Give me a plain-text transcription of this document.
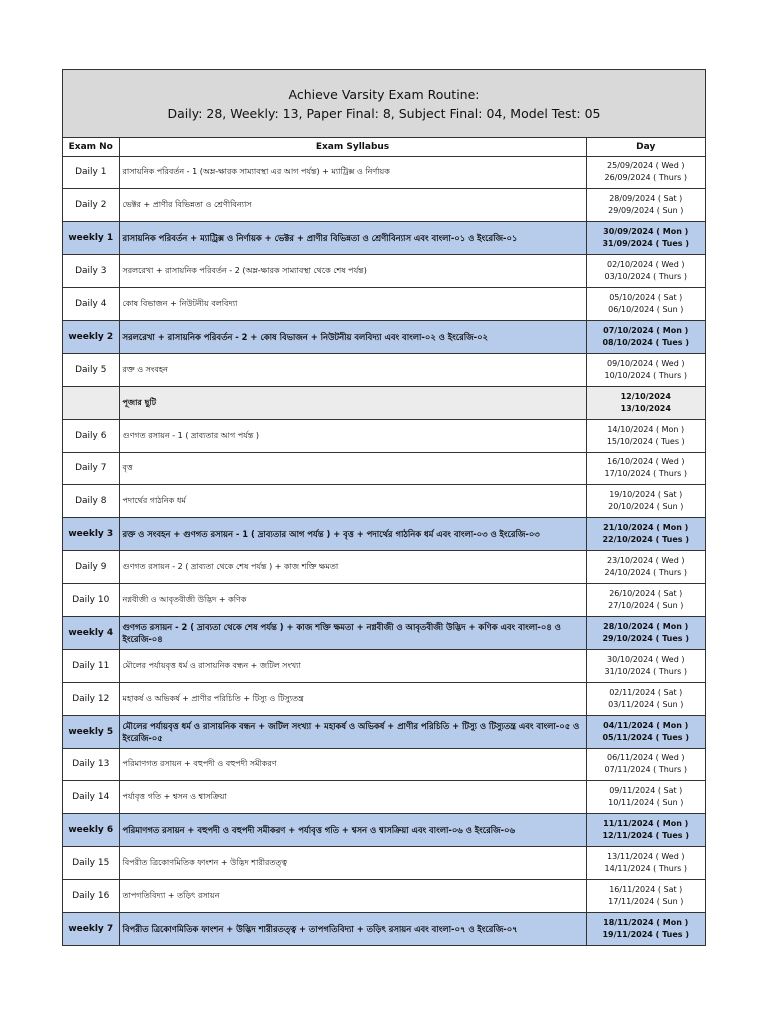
Achieve Varsity Exam Routine:
Daily: 28, Weekly: 13, Paper Final: 8, Subject Final: 04, Model Test: 05
Exam No	Exam Syllabus	Day
Daily 1	রাসায়নিক পরিবর্তন - 1 (অম্ল-ক্ষারক সাম্যাবস্থা এর আগ পর্যন্ত) + ম্যাট্রিক্স ও নির্ণায়ক	25/09/2024 ( Wed )
26/09/2024 ( Thurs )

Daily 2	ভেক্টর + প্রাণীর বিভিন্নতা ও শ্রেণীবিন্যাস	28/09/2024 ( Sat )
29/09/2024 ( Sun )

weekly 1	রাসায়নিক পরিবর্তন + ম্যাট্রিক্স ও নির্ণায়ক + ভেক্টর + প্রাণীর বিভিন্নতা ও শ্রেণীবিন্যাস এবং বাংলা-০১ ও ইংরেজি-০১	30/09/2024 ( Mon )
31/09/2024 ( Tues )

Daily 3	সরলরেখা + রাসায়নিক পরিবর্তন - 2 (অম্ল-ক্ষারক সাম্যাবস্থা থেকে শেষ পর্যন্ত)	02/10/2024 ( Wed )
03/10/2024 ( Thurs )

Daily 4	কোষ বিভাজন + নিউটনীয় বলবিদ্যা	05/10/2024 ( Sat )
06/10/2024 ( Sun )

weekly 2	সরলরেখা + রাসায়নিক পরিবর্তন - 2 + কোষ বিভাজন + নিউটনীয় বলবিদ্যা এবং বাংলা-০২ ও ইংরেজি-০২	07/10/2024 ( Mon )
08/10/2024 ( Tues )

Daily 5	রক্ত ও সংবহন	09/10/2024 ( Wed )
10/10/2024 ( Thurs )

	পূজার ছুটি	12/10/2024
13/10/2024

Daily 6	গুণগত রসায়ন - 1 ( দ্রাব্যতার আগ পর্যন্ত )	14/10/2024 ( Mon )
15/10/2024 ( Tues )

Daily 7	বৃত্ত	16/10/2024 ( Wed )
17/10/2024 ( Thurs )

Daily 8	পদার্থের গাঠনিক ধর্ম	19/10/2024 ( Sat )
20/10/2024 ( Sun )

weekly 3	রক্ত ও সংবহন + গুণগত রসায়ন - 1 ( দ্রাব্যতার আগ পর্যন্ত ) + বৃত্ত + পদার্থের গাঠনিক ধর্ম এবং বাংলা-০৩ ও ইংরেজি-০৩	21/10/2024 ( Mon )
22/10/2024 ( Tues )

Daily 9	গুণগত রসায়ন - 2 ( দ্রাব্যতা থেকে শেষ পর্যন্ত ) + কাজ শক্তি ক্ষমতা	23/10/2024 ( Wed )
24/10/2024 ( Thurs )

Daily 10	নগ্নবীজী ও আবৃতবীজী উদ্ভিদ + কণিক	26/10/2024 ( Sat )
27/10/2024 ( Sun )

weekly 4	গুণগত রসায়ন - 2 ( দ্রাব্যতা থেকে শেষ পর্যন্ত ) + কাজ শক্তি ক্ষমতা + নগ্নবীজী ও আবৃতবীজী উদ্ভিদ + কণিক এবং বাংলা-০৪ ও ইংরেজি-০৪	28/10/2024 ( Mon )
29/10/2024 ( Tues )

Daily 11	মৌলের পর্যায়বৃত্ত ধর্ম ও রাসায়নিক বন্ধন + জটিল সংখ্যা	30/10/2024 ( Wed )
31/10/2024 ( Thurs )

Daily 12	মহাকর্ষ ও অভিকর্ষ + প্রাণীর পরিচিতি + টিস্যু ও টিস্যুতন্ত্র	02/11/2024 ( Sat )
03/11/2024 ( Sun )

weekly 5	মৌলের পর্যায়বৃত্ত ধর্ম ও রাসায়নিক বন্ধন + জটিল সংখ্যা + মহাকর্ষ ও অভিকর্ষ + প্রাণীর পরিচিতি + টিস্যু ও টিস্যুতন্ত্র এবং বাংলা-০৫ ও ইংরেজি-০৫	04/11/2024 ( Mon )
05/11/2024 ( Tues )

Daily 13	পরিমাণগত রসায়ন + বহুপদী ও বহুপদী সমীকরণ	06/11/2024 ( Wed )
07/11/2024 ( Thurs )

Daily 14	পর্যাবৃত্ত গতি + শ্বসন ও শ্বাসক্রিয়া	09/11/2024 ( Sat )
10/11/2024 ( Sun )

weekly 6	পরিমাণগত রসায়ন + বহুপদী ও বহুপদী সমীকরণ + পর্যাবৃত্ত গতি + শ্বসন ও শ্বাসক্রিয়া এবং বাংলা-০৬ ও ইংরেজি-০৬	11/11/2024 ( Mon )
12/11/2024 ( Tues )

Daily 15	বিপরীত ত্রিকোণমিতিক ফাংশন + উদ্ভিদ শারীরতত্ত্ব	13/11/2024 ( Wed )
14/11/2024 ( Thurs )

Daily 16	তাপগতিবিদ্যা + তড়িৎ রসায়ন	16/11/2024 ( Sat )
17/11/2024 ( Sun )

weekly 7	বিপরীত ত্রিকোণমিতিক ফাংশন + উদ্ভিদ শারীরতত্ত্ব + তাপগতিবিদ্যা + তড়িৎ রসায়ন এবং বাংলা-০৭ ও ইংরেজি-০৭	18/11/2024 ( Mon )
19/11/2024 ( Tues )
